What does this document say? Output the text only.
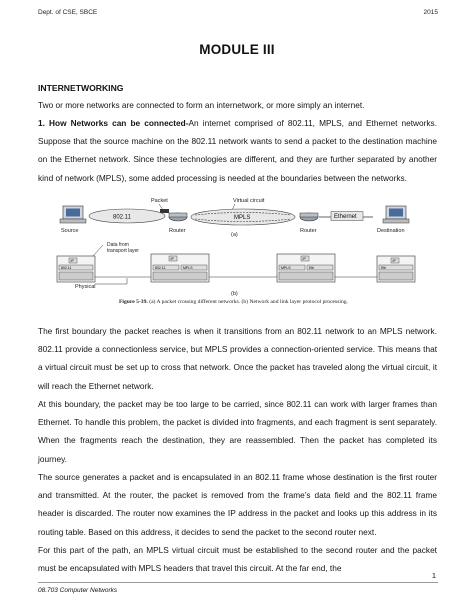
Dept. of CSE, SBCE	2015
MODULE III
INTERNETWORKING

Two or more networks are connected to form an internetwork, or more simply an internet.

1. How Networks can be connected-An internet comprised of 802.11, MPLS, and Ethernet networks. Suppose that the source machine on the 802.11 network wants to send a packet to the destination machine on the Ethernet network. Since these technologies are different, and they are further separated by another kind of network (MPLS), some added processing is needed at the boundaries between the networks.

Packet	Virtual circuit
802.11	MPLS	Ethernet
Source	Router	Router	Destination
(a)
Data from
transport layer
IP
802.11
IP
802.11	MPLS
IP
MPLS	Eth
IP
Eth
Physical
(b)
Figure 5-39. (a) A packet crossing different networks. (b) Network and link layer protocol processing.

The first boundary the packet reaches is when it transitions from an 802.11 network to an MPLS network. 802.11 provide a connectionless service, but MPLS provides a connection-oriented service. This means that a virtual circuit must be set up to cross that network. Once the packet has traveled along the virtual circuit, it will reach the Ethernet network.

At this boundary, the packet may be too large to be carried, since 802.11 can work with larger frames than Ethernet. To handle this problem, the packet is divided into fragments, and each fragment is sent separately. When the fragments reach the destination, they are reassembled. Then the packet has completed its journey.

The source generates a packet and is encapsulated in an 802.11 frame whose destination is the first router and transmitted. At the router, the packet is removed from the frame’s data field and the 802.11 frame header is discarded. The router now examines the IP address in the packet and looks up this address in its routing table. Based on this address, it decides to send the packet to the second router next.

For this part of the path, an MPLS virtual circuit must be established to the second router and the packet must be encapsulated with MPLS headers that travel this circuit. At the far end, the

1
08.703 Computer Networks
